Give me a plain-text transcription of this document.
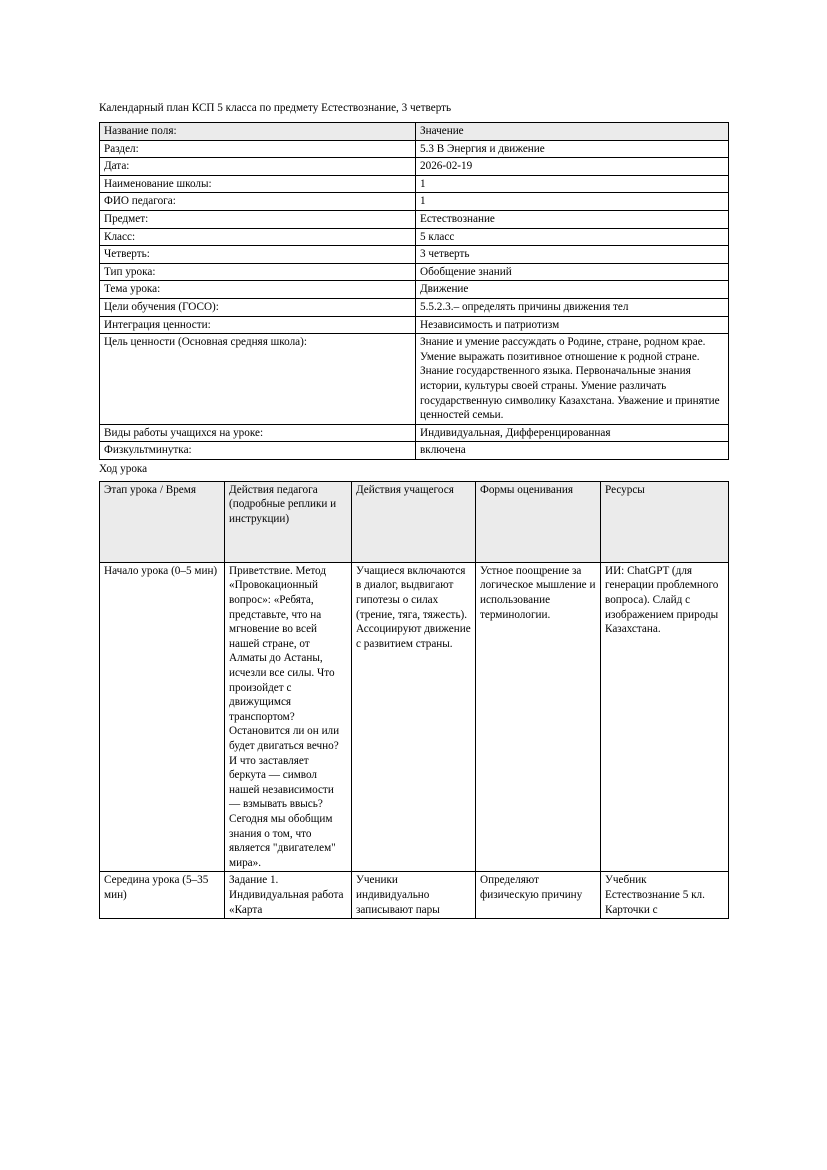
Календарный план КСП 5 класса по предмету Естествознание, 3 четверть

Название поля:	Значение
Раздел:	5.3 В Энергия и движение
Дата:	2026-02-19
Наименование школы:	1
ФИО педагога:	1
Предмет:	Естествознание
Класс:	5 класс
Четверть:	3 четверть
Тип урока:	Обобщение знаний
Тема урока:	Движение
Цели обучения (ГОСО):	5.5.2.3.– определять причины движения тел
Интеграция ценности:	Независимость и патриотизм
Цель ценности (Основная средняя школа):	Знание и умение рассуждать о Родине, стране, родном крае. Умение выражать позитивное отношение к родной стране. Знание государственного языка. Первоначальные знания истории, культуры своей страны. Умение различать государственную символику Казахстана. Уважение и принятие ценностей семьи.
Виды работы учащихся на уроке:	Индивидуальная, Дифференцированная
Физкультминутка:	включена

Ход урока

Этап урока / Время	Действия педагога (подробные реплики и инструкции)	Действия учащегося	Формы оценивания	Ресурсы
Начало урока (0–5 мин)	Приветствие. Метод «Провокационный вопрос»: «Ребята, представьте, что на мгновение во всей нашей стране, от Алматы до Астаны, исчезли все силы. Что произойдет с движущимся транспортом? Остановится ли он или будет двигаться вечно? И что заставляет беркута — символ нашей независимости — взмывать ввысь? Сегодня мы обобщим знания о том, что является "двигателем" мира».	Учащиеся включаются в диалог, выдвигают гипотезы о силах (трение, тяга, тяжесть). Ассоциируют движение с развитием страны.	Устное поощрение за логическое мышление и использование терминологии.	ИИ: ChatGPT (для генерации проблемного вопроса). Слайд с изображением природы Казахстана.
Середина урока (5–35 мин)	Задание 1. Индивидуальная работа «Карта	Ученики индивидуально записывают пары	Определяют физическую причину	Учебник Естествознание 5 кл. Карточки с
